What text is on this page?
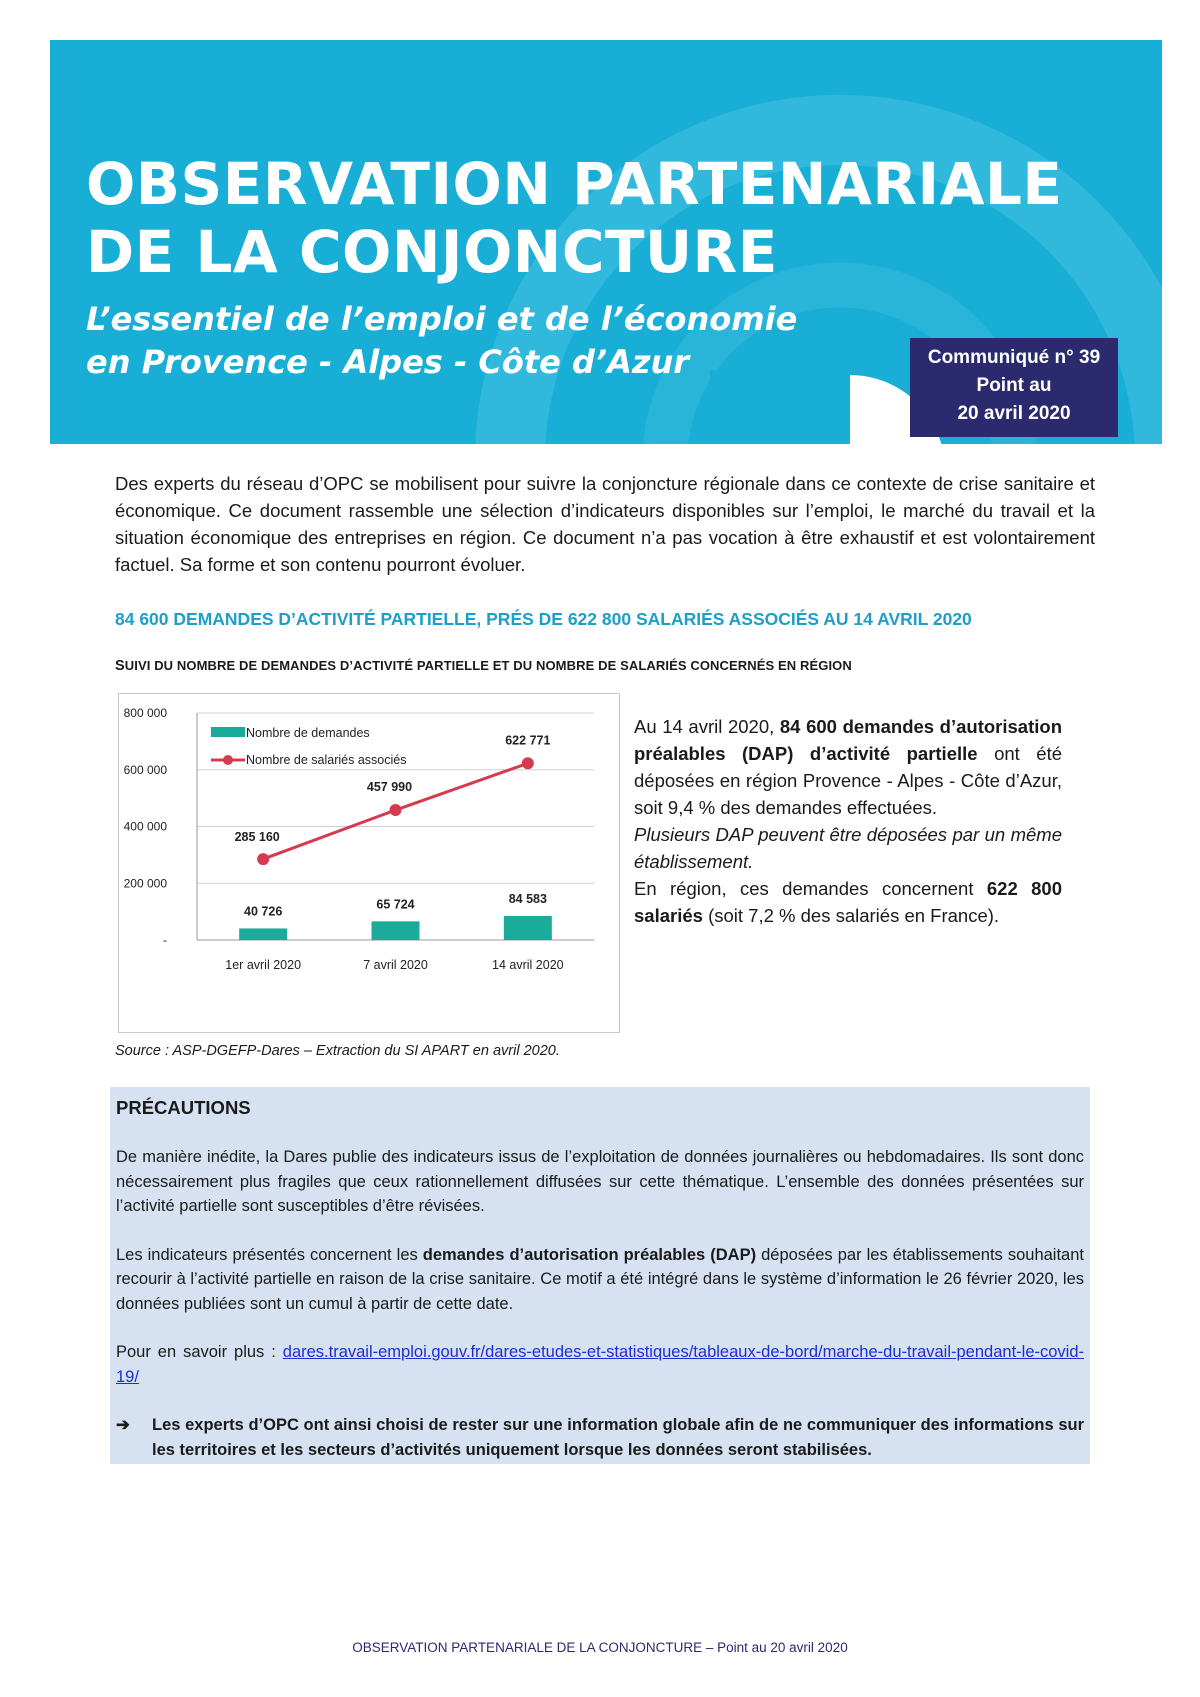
OBSERVATION PARTENARIALE
DE LA CONJONCTURE

L’essentiel de l’emploi et de l’économie
en Provence - Alpes - Côte d’Azur	Communiqué n° 39
Point au
20 avril 2020

Des experts du réseau d’OPC se mobilisent pour suivre la conjoncture régionale dans ce contexte de crise sanitaire et économique. Ce document rassemble une sélection d’indicateurs disponibles sur l’emploi, le marché du travail et la situation économique des entreprises en région. Ce document n’a pas vocation à être exhaustif et est volontairement factuel. Sa forme et son contenu pourront évoluer.

84 600 DEMANDES D’ACTIVITÉ PARTIELLE, PRÉS DE 622 800 SALARIÉS ASSOCIÉS AU 14 AVRIL 2020

SUIVI DU NOMBRE DE DEMANDES D’ACTIVITÉ PARTIELLE ET DU NOMBRE DE SALARIÉS CONCERNÉS EN RÉGION

-
200 000
400 000
600 000
800 000
1er avril 2020	7 avril 2020	14 avril 2020
40 726
65 724	84 583
285 160
457 990
622 771
Nombre de demandes
Nombre de salariés associés

Source : ASP-DGEFP-Dares – Extraction du SI APART en avril 2020.

Au 14 avril 2020, 84 600 demandes d’autorisation préalables (DAP) d’activité partielle ont été déposées en région Provence - Alpes - Côte d’Azur, soit 9,4 % des demandes effectuées.
Plusieurs DAP peuvent être déposées par un même établissement.
En région, ces demandes concernent 622 800 salariés (soit 7,2 % des salariés en France).

PRÉCAUTIONS

De manière inédite, la Dares publie des indicateurs issus de l’exploitation de données journalières ou hebdomadaires. Ils sont donc nécessairement plus fragiles que ceux rationnellement diffusées sur cette thématique. L’ensemble des données présentées sur l’activité partielle sont susceptibles d’être révisées.

Les indicateurs présentés concernent les demandes d’autorisation préalables (DAP) déposées par les établissements souhaitant recourir à l’activité partielle en raison de la crise sanitaire. Ce motif a été intégré dans le système d’information le 26 février 2020, les données publiées sont un cumul à partir de cette date.

Pour en savoir plus : dares.travail-emploi.gouv.fr/dares-etudes-et-statistiques/tableaux-de-bord/marche-du-travail-pendant-le-covid-19/

➔	Les experts d’OPC ont ainsi choisi de rester sur une information globale afin de ne communiquer des informations sur les territoires et les secteurs d’activités uniquement lorsque les données seront stabilisées.

OBSERVATION PARTENARIALE DE LA CONJONCTURE – Point au 20 avril 2020
